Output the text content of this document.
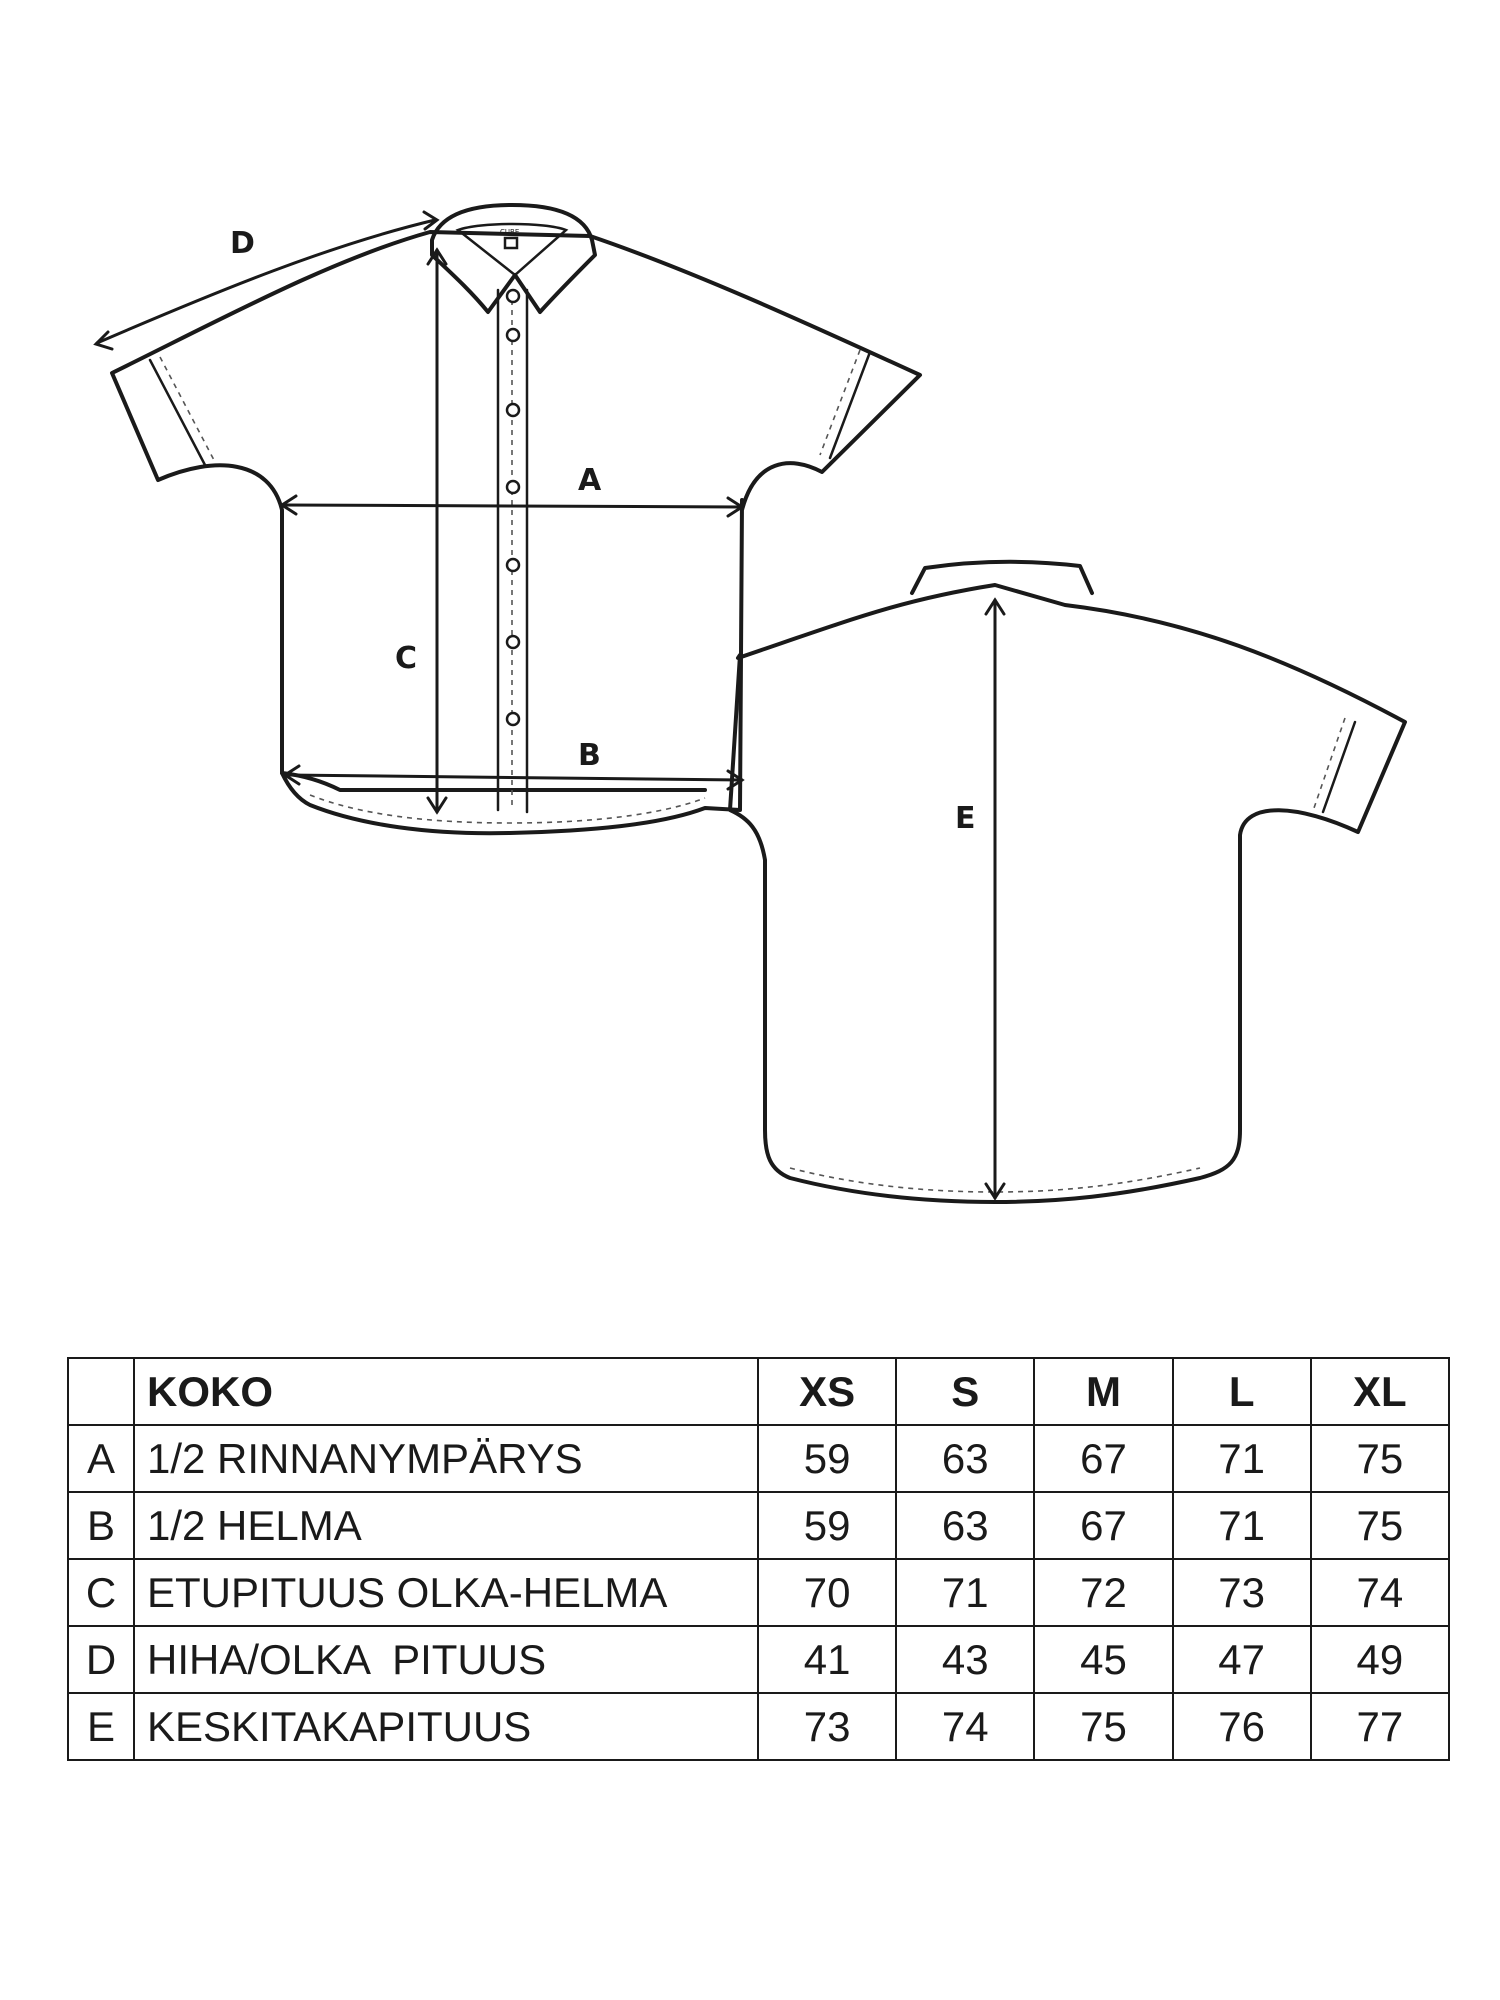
CUBE
D
A
C
B
E
	KOKO	XS	S	M	L	XL
A	1/2 RINNANYMPÄRYS	59	63	67	71	75
B	1/2 HELMA	59	63	67	71	75
C	ETUPITUUS OLKA-HELMA	70	71	72	73	74
D	HIHA/OLKA  PITUUS	41	43	45	47	49
E	KESKITAKAPITUUS	73	74	75	76	77
